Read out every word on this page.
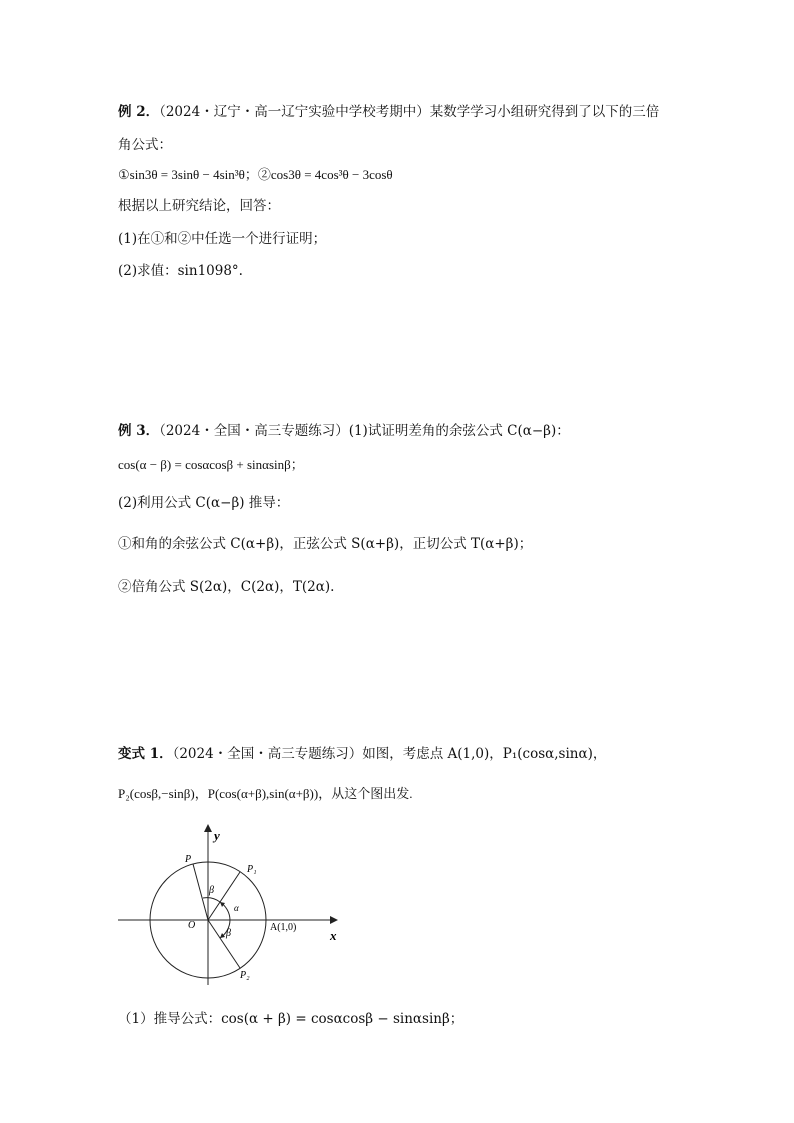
例 2．（2024・辽宁・高一辽宁实验中学校考期中）某数学学习小组研究得到了以下的三倍
角公式：
①sin3θ = 3sinθ − 4sin³θ；②cos3θ = 4cos³θ − 3cosθ
根据以上研究结论，回答：
(1)在①和②中任选一个进行证明；
(2)求值：sin1098°.
例 3．（2024・全国・高三专题练习）(1)试证明差角的余弦公式 C(α−β)：
cos(α − β) = cosαcosβ + sinαsinβ；
(2)利用公式 C(α−β) 推导：
①和角的余弦公式 C(α+β)，正弦公式 S(α+β)，正切公式 T(α+β)；
②倍角公式 S(2α)，C(2α)，T(2α).
变式 1．（2024・全国・高三专题练习）如图，考虑点 A(1,0)，P₁(cosα,sinα)，
P₂(cosβ,−sinβ)，P(cos(α+β),sin(α+β))，从这个图出发.
y
x
O	A(1,0)
P
P₁
P₂
β
α
β
（1）推导公式：cos(α + β) = cosαcosβ − sinαsinβ；
